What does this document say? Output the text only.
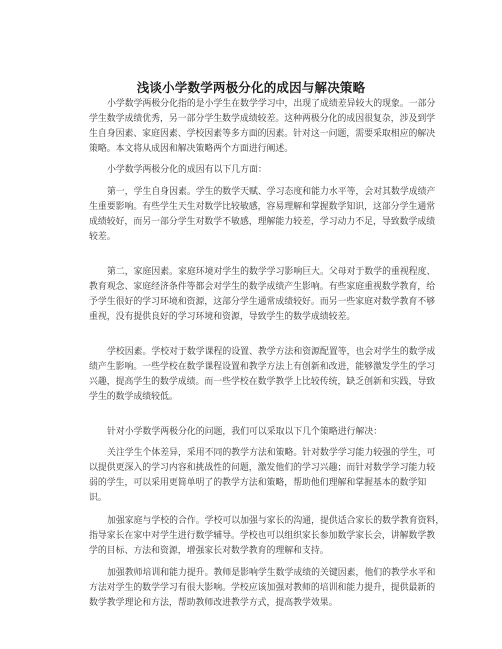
浅谈小学数学两极分化的成因与解决策略
小学数学两极分化指的是小学生在数学学习中，出现了成绩差异较大的现象。一部分
学生数学成绩优秀，另一部分学生数学成绩较差。这种两极分化的成因很复杂，涉及到学
生自身因素、家庭因素、学校因素等多方面的因素。针对这一问题，需要采取相应的解决
策略。本文将从成因和解决策略两个方面进行阐述。
小学数学两极分化的成因有以下几方面：
第一，学生自身因素。学生的数学天赋、学习态度和能力水平等，会对其数学成绩产
生重要影响。有些学生天生对数学比较敏感，容易理解和掌握数学知识，这部分学生通常
成绩较好，而另一部分学生对数学不敏感，理解能力较差，学习动力不足，导致数学成绩
较差。
第二，家庭因素。家庭环境对学生的数学学习影响巨大。父母对于数学的重视程度、
教育观念、家庭经济条件等都会对学生的数学成绩产生影响。有些家庭重视数学教育，给
予学生很好的学习环境和资源，这部分学生通常成绩较好。而另一些家庭对数学教育不够
重视，没有提供良好的学习环境和资源，导致学生的数学成绩较差。
学校因素。学校对于数学课程的设置、教学方法和资源配置等，也会对学生的数学成
绩产生影响。一些学校在数学课程设置和教学方法上有创新和改进，能够激发学生的学习
兴趣，提高学生的数学成绩。而一些学校在数学教学上比较传统，缺乏创新和实践，导致
学生的数学成绩较低。
针对小学数学两极分化的问题，我们可以采取以下几个策略进行解决：
关注学生个体差异，采用不同的教学方法和策略。针对数学学习能力较强的学生，可
以提供更深入的学习内容和挑战性的问题，激发他们的学习兴趣；而针对数学学习能力较
弱的学生，可以采用更简单明了的教学方法和策略，帮助他们理解和掌握基本的数学知
识。
加强家庭与学校的合作。学校可以加强与家长的沟通，提供适合家长的数学教育资料，
指导家长在家中对学生进行数学辅导。学校也可以组织家长参加数学家长会，讲解数学教
学的目标、方法和资源，增强家长对数学教育的理解和支持。
加强教师培训和能力提升。教师是影响学生数学成绩的关键因素，他们的教学水平和
方法对学生的数学学习有很大影响。学校应该加强对教师的培训和能力提升，提供最新的
数学教学理论和方法，帮助教师改进教学方式，提高教学效果。
